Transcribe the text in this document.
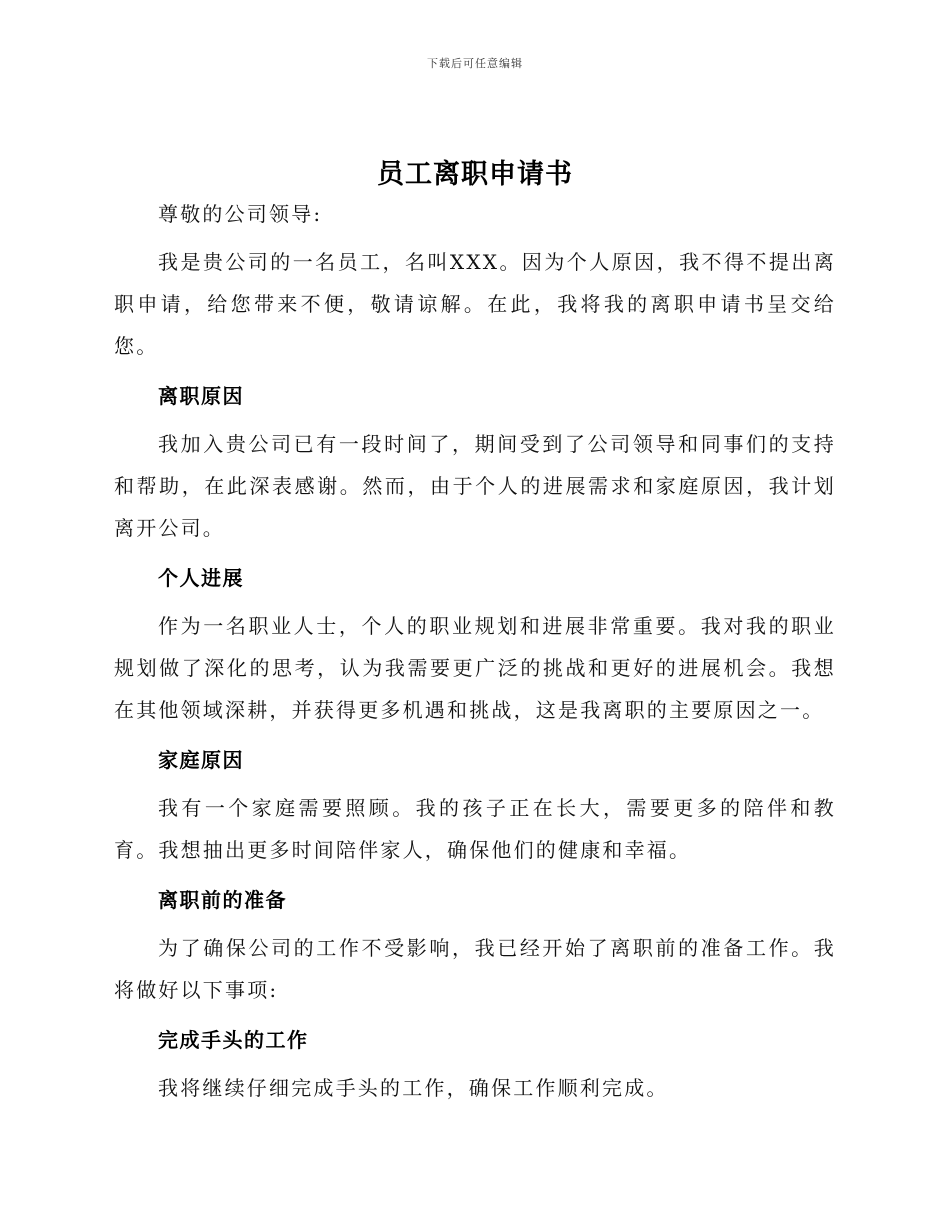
下载后可任意编辑
员工离职申请书

尊敬的公司领导:

我是贵公司的一名员工，名叫XXX。因为个人原因，我不得不提出离职申请，给您带来不便，敬请谅解。在此，我将我的离职申请书呈交给您。

离职原因

我加入贵公司已有一段时间了，期间受到了公司领导和同事们的支持和帮助，在此深表感谢。然而，由于个人的进展需求和家庭原因，我计划离开公司。

个人进展

作为一名职业人士，个人的职业规划和进展非常重要。我对我的职业规划做了深化的思考，认为我需要更广泛的挑战和更好的进展机会。我想在其他领域深耕，并获得更多机遇和挑战，这是我离职的主要原因之一。

家庭原因

我有一个家庭需要照顾。我的孩子正在长大，需要更多的陪伴和教育。我想抽出更多时间陪伴家人，确保他们的健康和幸福。

离职前的准备

为了确保公司的工作不受影响，我已经开始了离职前的准备工作。我将做好以下事项:

完成手头的工作

我将继续仔细完成手头的工作，确保工作顺利完成。
